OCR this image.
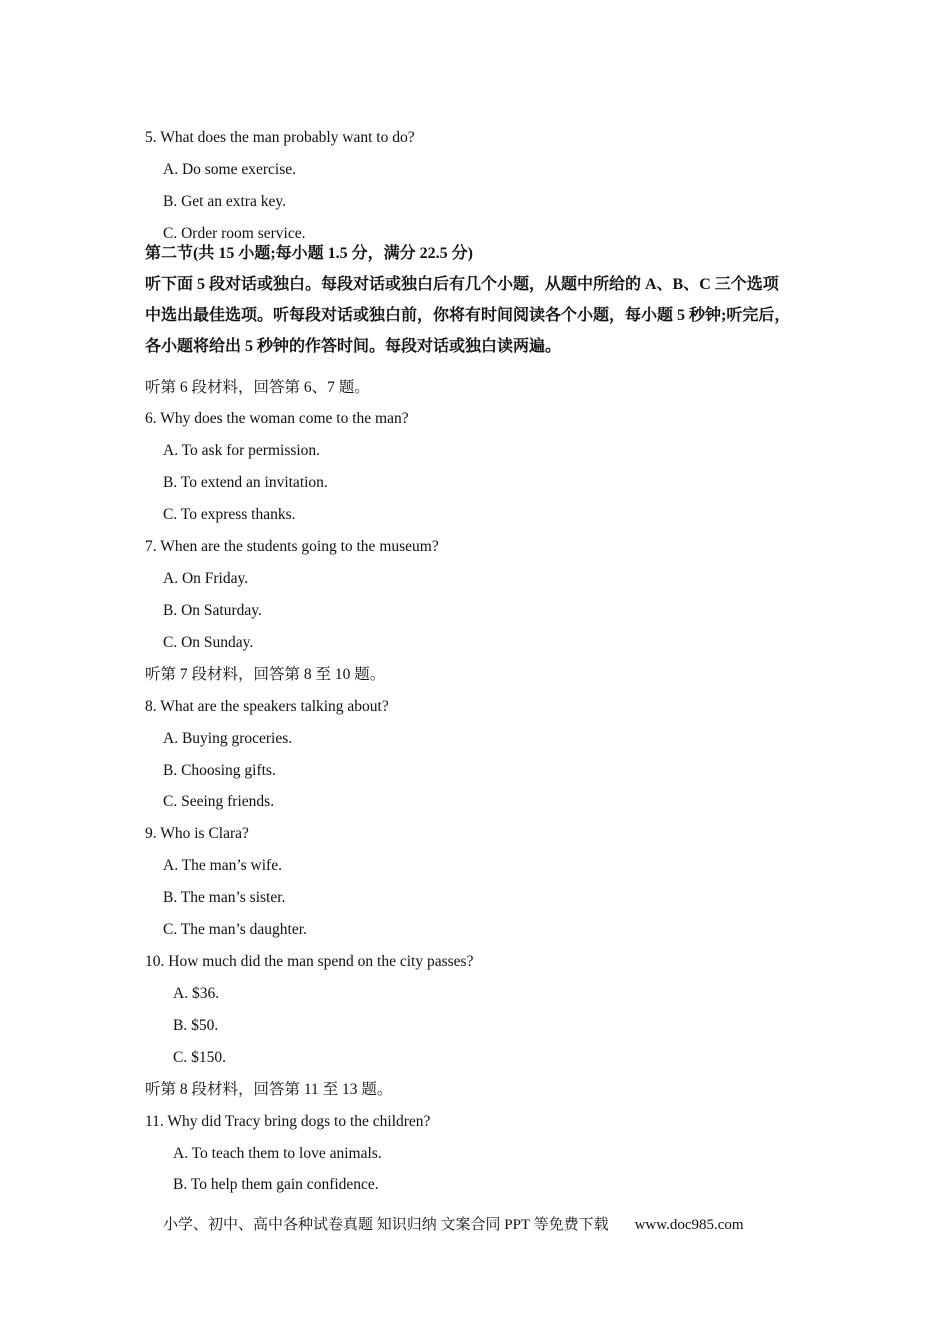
5. What does the man probably want to do?
A. Do some exercise.
B. Get an extra key.
C. Order room service.
第二节(共 15 小题;每小题 1.5 分，满分 22.5 分)
听下面 5 段对话或独白。每段对话或独白后有几个小题，从题中所给的 A、B、C 三个选项
中选出最佳选项。听每段对话或独白前，你将有时间阅读各个小题，每小题 5 秒钟;听完后，
各小题将给出 5 秒钟的作答时间。每段对话或独白读两遍。
听第 6 段材料，回答第 6、7 题。
6. Why does the woman come to the man?
A. To ask for permission.
B. To extend an invitation.
C. To express thanks.
7. When are the students going to the museum?
A. On Friday.
B. On Saturday.
C. On Sunday.
听第 7 段材料，回答第 8 至 10 题。
8. What are the speakers talking about?
A. Buying groceries.
B. Choosing gifts.
C. Seeing friends.
9. Who is Clara?
A. The man’s wife.
B. The man’s sister.
C. The man’s daughter.
10. How much did the man spend on the city passes?
A. $36.
B. $50.
C. $150.
听第 8 段材料，回答第 11 至 13 题。
11. Why did Tracy bring dogs to the children?
A. To teach them to love animals.
B. To help them gain confidence.
小学、初中、高中各种试卷真题 知识归纳 文案合同 PPT 等免费下载 www.doc985.com
